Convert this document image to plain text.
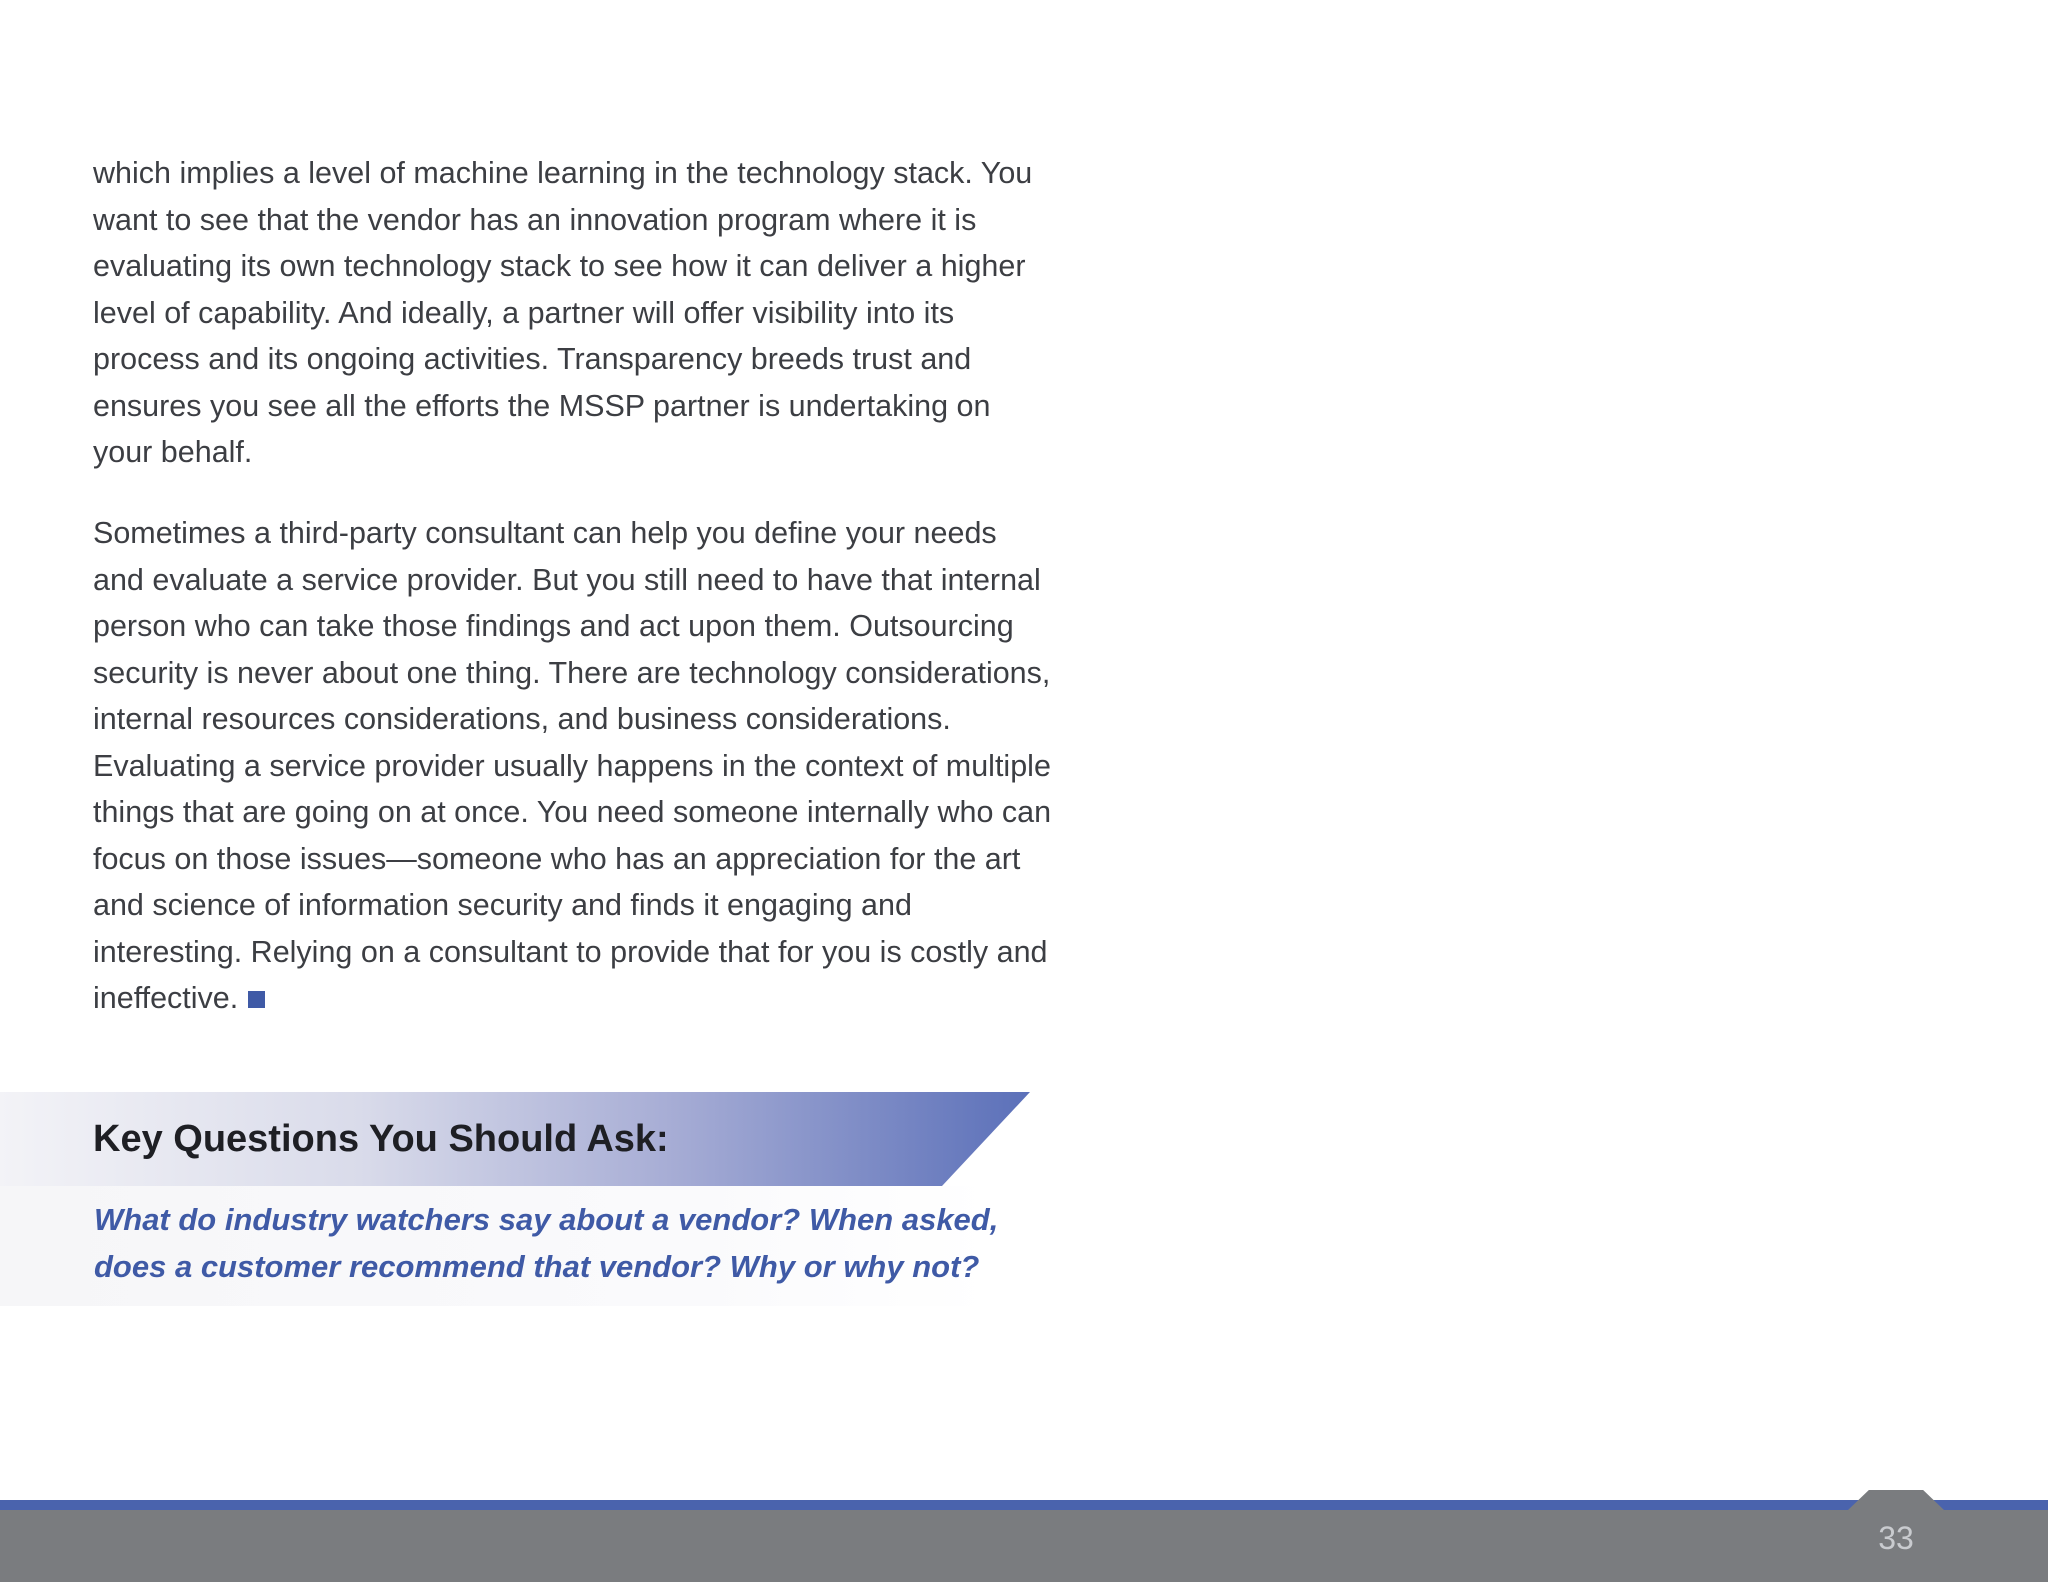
which implies a level of machine learning in the technology stack. You want to see that the vendor has an innovation program where it is evaluating its own technology stack to see how it can deliver a higher level of capability. And ideally, a partner will offer visibility into its process and its ongoing activities. Transparency breeds trust and ensures you see all the efforts the MSSP partner is undertaking on your behalf.

Sometimes a third-party consultant can help you define your needs and evaluate a service provider. But you still need to have that internal person who can take those findings and act upon them. Outsourcing security is never about one thing. There are technology considerations, internal resources considerations, and business considerations. Evaluating a service provider usually happens in the context of multiple things that are going on at once. You need someone internally who can focus on those issues—someone who has an appreciation for the art and science of information security and finds it engaging and interesting. Relying on a consultant to provide that for you is costly and ineffective.

Key Questions You Should Ask:

What do industry watchers say about a vendor? When asked, does a customer recommend that vendor? Why or why not?

33
